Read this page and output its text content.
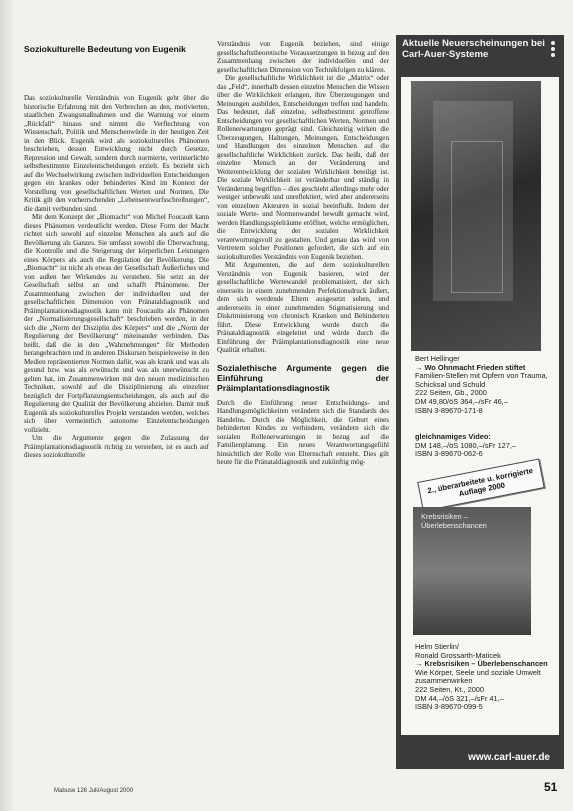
Soziokulturelle Bedeutung von Eugenik

Das soziokulturelle Verständnis von Eugenik geht über die historische Erfahrung mit den Verbrechen an den, motivierten, staatlichen Zwangsmaßnahmen und die Warnung vor einem „Rückfall“ hinaus und nimmt die Verflechtung von Wissenschaft, Politik und Menschenwürde in der heutigen Zeit in den Blick. Eugenik wird als soziokulturelles Phänomen beschrieben, dessen Entwicklung nicht durch Gesetze, Repression und Gewalt, sondern durch normierte, verinnerlichte selbstbestimmte Einzelentscheidungen erzielt. Es bezieht sich auf die Wechselwirkung zwischen individuellen Entscheidungen gegen ein krankes oder behindertes Kind im Kontext der Vorstellung von gesellschaftlichen Werten und Normen. Die Kritik gilt den vorherrschenden „Lebensentwurfsschreibungen“, die damit verbunden sind.

Mit dem Konzept der „Biomacht“ von Michel Foucault kann dieses Phänomen verdeutlicht werden. Diese Form der Macht richtet sich sowohl auf einzelne Menschen als auch auf die Bevölkerung als Ganzes. Sie umfasst sowohl die Überwachung, die Kontrolle und die Steigerung der körperlichen Leistungen eines Körpers als auch die Regulation der Bevölkerung. Die „Biomacht“ ist nicht als etwas der Gesellschaft Äußerliches und von außen her Wirkendes zu verstehen. Sie setzt an der Gesellschaft selbst an und schafft Phänomene. Der Zusammenhang zwischen der individuellen und der gesellschaftlichen Dimension von Pränataldiagnostik und Präimplantationsdiagnostik kann mit Foucaults als Phänomen der „Normalisierungsgesellschaft“ beschrieben werden, in der sich die „Norm der Disziplin des Körpers“ und die „Norm der Regulierung der Bevölkerung“ miteinander verbinden. Das heißt, daß die in den „Wahrnehmungen“ für Methoden herangebrachten und in anderen Diskursen beispielsweise in den Medien repräsentierten Normen dafür, was als krank und was als gesund bzw. was als erwünscht und was als unerwünscht zu gelten hat, im Zusammenwirken mit den neuen medizinischen Techniken, sowohl auf die Disziplinierung als einzelner bezüglich der Fortpflanzungsentscheidungen, als auch auf die Regulierung der Qualität der Bevölkerung abzielen. Damit muß Eugenik als soziokulturelles Projekt verstanden werden, welches sich über vermeintlich autonome Einzelentscheidungen vollzieht.

Um die Argumente gegen die Zulassung der Präimplantationsdiagnostik richtig zu verstehen, ist es auch auf dieses soziokulturelle

Verständnis von Eugenik beziehen, sind einige gesellschaftstheoretische Voraussetzungen in bezug auf den Zusammenhang zwischen der individuellen und der gesellschaftlichen Dimension von Technikfolgen zu klären.

Die gesellschaftliche Wirklichkeit ist die „Matrix“ oder das „Feld“, innerhalb dessen einzelne Menschen die Wissen über die Wirklichkeit erlangen, ihre Überzeugungen und Meinungen ausbilden, Entscheidungen treffen und handeln. Das bedeutet, daß einzelne, selbstbestimmt getroffene Entscheidungen vor gesellschaftlichen Werten, Normen und Rollenerwartungen geprägt sind. Gleichzeitig wirken die Überzeugungen, Haltungen, Meinungen, Entscheidungen und Handlungen des einzelnen Menschen auf die gesellschaftliche Wirklichkeit zurück. Das heißt, daß der einzelne Mensch an der Veränderung und Weiterentwicklung der sozialen Wirklichkeit beteiligt ist. Die soziale Wirklichkeit ist veränderbar und ständig in Veränderung begriffen – dies geschieht allerdings mehr oder weniger unbewußt und unreflektiert, wird aber andererseits von einzelnen Akteuren in sozial beeinflußt. Indem der soziale Werte- und Normenwandel bewußt gemacht wird, werden Handlungsspielräume eröffnet, welche ermöglichen, die Entwicklung der sozialen Wirklichkeit verantwortungsvoll zu gestalten. Und genau das wird von Vertretern solcher Positionen gefordert, die sich auf ein soziokulturelles Verständnis von Eugenik beziehen.

Mit Argumenten, die auf dem soziokulturellen Verständnis von Eugenik basieren, wird der gesellschaftliche Wertewandel problematisiert, der sich einerseits in einem zunehmenden Perfektionsdruck äußert, dem sich werdende Eltern ausgesetzt sehen, und andererseits in einer zunehmenden Stigmatisierung und Diskriminierung von chronisch Kranken und Behinderten führt. Diese Entwicklung wurde durch die Pränataldiagnostik eingeleitet und würde durch die Einführung der Präimplantationsdiagnostik eine neue Qualität erhalten.

Sozialethische Argumente gegen die Einführung der Präimplantationsdiagnostik

Durch die Einführung neuer Entscheidungs- und Handlungsmöglichkeiten verändern sich die Standards des Handelns. Durch die Möglichkeit, die Geburt eines behinderten Kindes zu verhindern, verändern sich die sozialen Rollenerwartungen in bezug auf die Familienplanung. Ein neues Verantwortungsgefühl hinsichtlich der Rolle von Elternschaft entsteht. Dies gilt heute für die Pränataldiagnostik und zukünftig mög-

Aktuelle Neuerscheinungen bei Carl-Auer-Systeme
Bert Hellinger
→ Wo Ohnmacht Frieden stiftet
Familien-Stellen mit Opfern von Trauma, Schicksal und Schuld
222 Seiten, Gb., 2000
DM 49,80/öS 364,–/sFr 46,–
ISBN 3-89670-171-8
gleichnamiges Video:
DM 148,–/öS 1080,–/sFr 127,–
ISBN 3-89670-062-6
2., überarbeitete u. korrigierte Auflage 2000
Krebsrisiken – Überlebenschancen
Helm Stierlin/
Ronald Grossarth-Maticek
→ Krebsrisiken – Überlebenschancen
Wie Körper, Seele und soziale Umwelt zusammenwirken
222 Seiten, Kt., 2000
DM 44,–/öS 321,–/sFr 41,–
ISBN 3-89670-099-5
www.carl-auer.de
Mabuse 126 Juli/August 2000	51
